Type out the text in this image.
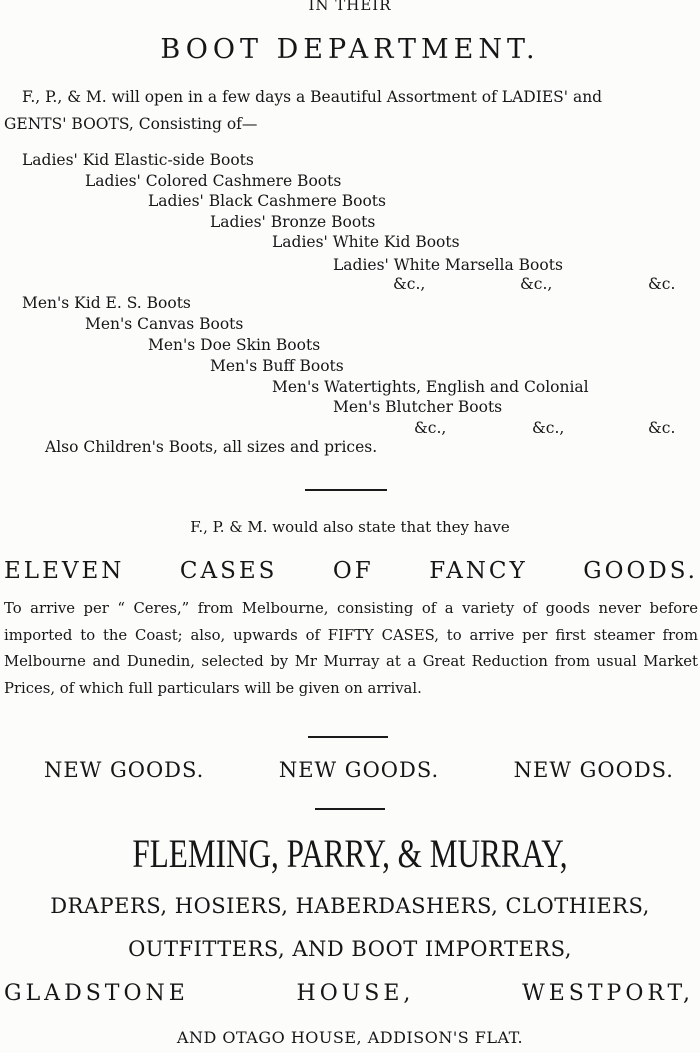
IN THEIR
BOOT DEPARTMENT.
F., P., & M. will open in a few days a Beautiful Assortment of LADIES' and
GENTS' BOOTS, Consisting of—
Ladies' Kid Elastic-side Boots
Ladies' Colored Cashmere Boots
Ladies' Black Cashmere Boots
Ladies' Bronze Boots
Ladies' White Kid Boots
Ladies' White Marsella Boots
&c.,	&c.,	&c.
Men's Kid E. S. Boots
Men's Canvas Boots
Men's Doe Skin Boots
Men's Buff Boots
Men's Watertights, English and Colonial
Men's Blutcher Boots
&c.,	&c.,	&c.
Also Children's Boots, all sizes and prices.
F., P. & M. would also state that they have
ELEVEN CASES OF FANCY GOODS.
To arrive per “ Ceres,” from Melbourne, consisting of a variety of goods never before imported to the Coast; also, upwards of FIFTY CASES, to arrive per first steamer from Melbourne and Dunedin, selected by Mr Murray at a Great Reduction from usual Market Prices, of which full particulars will be given on arrival.
NEW GOODS.	NEW GOODS.	NEW GOODS.
FLEMING, PARRY, & MURRAY,
DRAPERS, HOSIERS, HABERDASHERS, CLOTHIERS,
OUTFITTERS, AND BOOT IMPORTERS,
GLADSTONE	HOUSE,	WESTPORT,
AND OTAGO HOUSE, ADDISON'S FLAT.
